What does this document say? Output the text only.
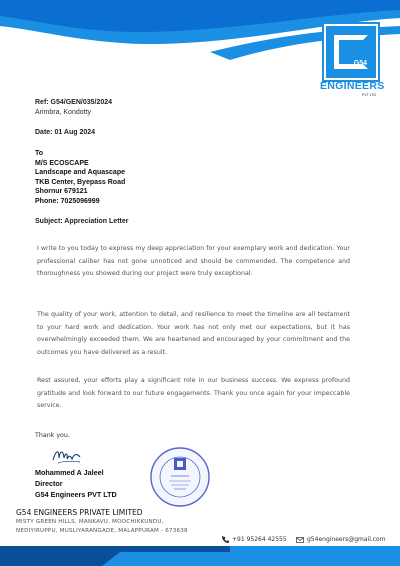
G54
ENGINEERS
PVT LTD
Ref: G54/GEN/035/2024
Arimbra, Kondotty
Date: 01 Aug 2024
To
M/S ECOSCAPE
Landscape and Aquascape
TKB Center, Byepass Road
Shornur 679121
Phone: 7025096999
Subject: Appreciation Letter
I write to you today to express my deep appreciation for your exemplary work and dedication. Your professional caliber has not gone unnoticed and should be commended. The competence and thoroughness you showed during our project were truly exceptional.
The quality of your work, attention to detail, and resilience to meet the timeline are all testament to your hard work and dedication. Your work has not only met our expectations, but it has overwhelmingly exceeded them. We are heartened and encouraged by your commitment and the outcomes you have delivered as a result.
Rest assured, your efforts play a significant role in our business success. We express profound gratitude and look forward to our future engagements. Thank you once again for your impeccable service.
Thank you.
Mohammed A Jaleel
Director
G54 Engineers PVT LTD
G54 ENGINEERS PRIVATE LIMITED
MISTY GREEN HILLS, MANKAVU, MOOCHIKKUNDU,
NEDIYIRUPPU, MUSLIYARANGADE, MALAPPURAM - 673638
+91 95264 42555	g54engineers@gmail.com
